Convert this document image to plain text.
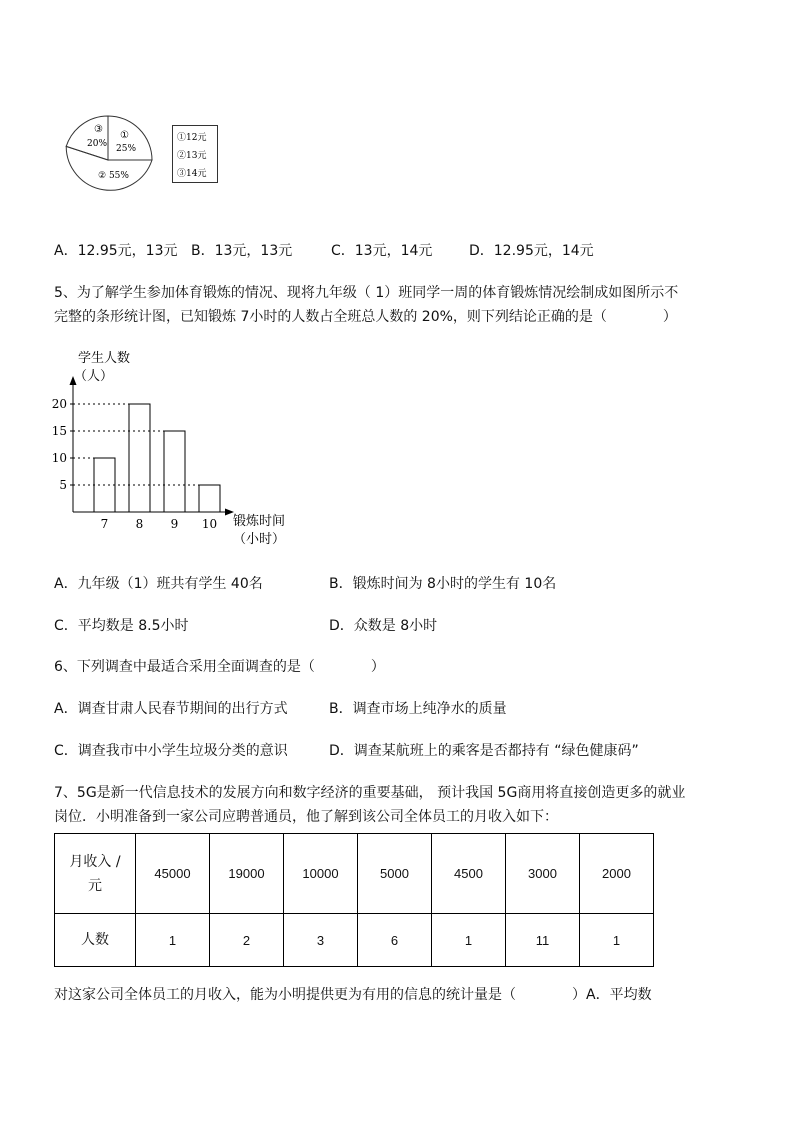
①
25%
③
20%
② 55%
①12元
②13元
③14元
A．12.95元，13元 B．13元，13元	C．13元，14元	D．12.95元，14元
5、为了解学生参加体育锻炼的情况、现将九年级（ 1）班同学一周的体育锻炼情况绘制成如图所示不
完整的条形统计图，已知锻炼 7小时的人数占全班总人数的 20%，则下列结论正确的是（　　　　）
学生人数
（人）
5
10
15
20
7 8 9 10 锻炼时间
（小时）
A．九年级（1）班共有学生 40名	B．锻炼时间为 8小时的学生有 10名
C．平均数是 8.5小时	D．众数是 8小时
6、下列调查中最适合采用全面调查的是（　　　　）
A．调查甘肃人民春节期间的出行方式	B．调查市场上纯净水的质量
C．调查我市中小学生垃圾分类的意识	D．调查某航班上的乘客是否都持有 “绿色健康码”
7、5G是新一代信息技术的发展方向和数字经济的重要基础， 预计我国 5G商用将直接创造更多的就业
岗位．小明准备到一家公司应聘普通员，他了解到该公司全体员工的月收入如下：
月收入 /
元	45000	19000	10000	5000	4500	3000	2000
人数	1	2	3	6	1	11	1
对这家公司全体员工的月收入，能为小明提供更为有用的信息的统计量是（　　　　）A．平均数
